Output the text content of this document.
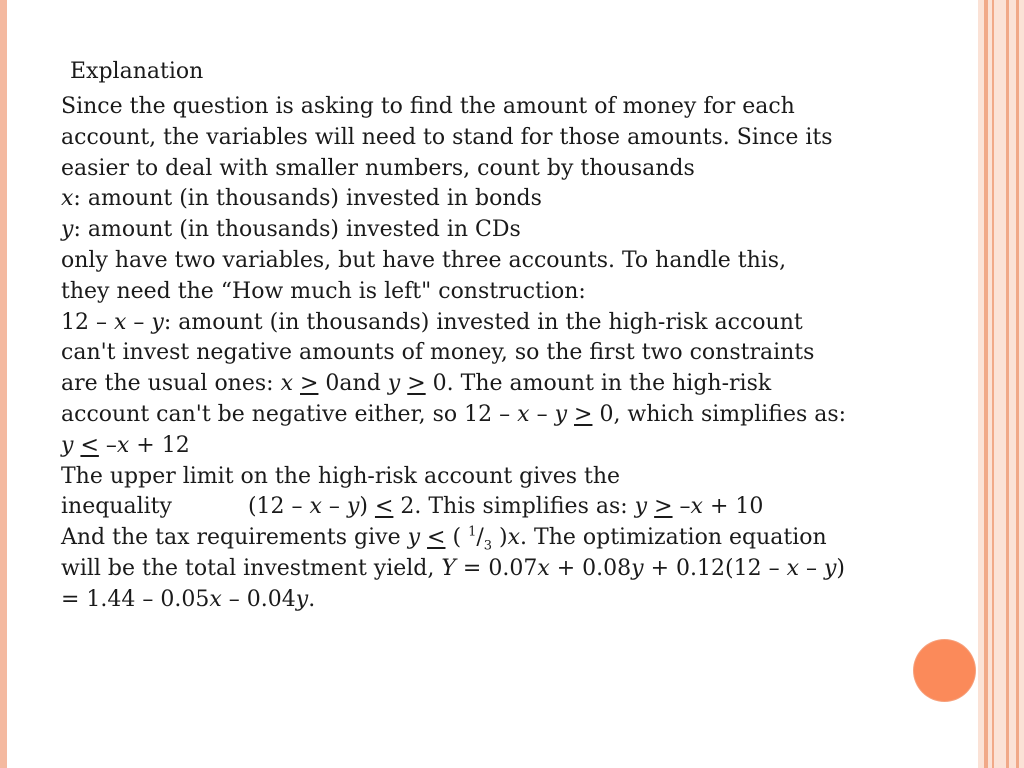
Explanation
Since the question is asking to find the amount of money for each
account, the variables will need to stand for those amounts. Since its
easier to deal with smaller numbers, count by thousands
x: amount (in thousands) invested in bonds
y: amount (in thousands) invested in CDs
only have two variables, but have three accounts. To handle this,
they need the “How much is left" construction:
12 – x – y: amount (in thousands) invested in the high-risk account
can't invest negative amounts of money, so the first two constraints
are the usual ones: x > 0and y > 0. The amount in the high-risk
account can't be negative either, so 12 – x – y > 0, which simplifies as:
y < –x + 12
The upper limit on the high-risk account gives the
inequality	(12 – x – y) < 2. This simplifies as: y > –x + 10
And the tax requirements give y < ( $^1/_3$ )x. The optimization equation
will be the total investment yield, Y = 0.07x + 0.08y + 0.12(12 – x – y)
= 1.44 – 0.05x – 0.04y.
